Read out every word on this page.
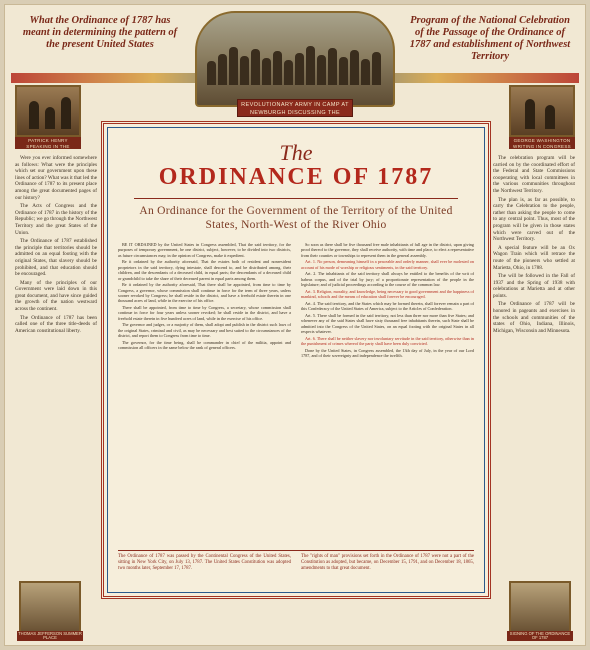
What the Ordinance of 1787 has meant in determining the pattern of the present United States
Program of the National Celebration of the Passage of the Ordinance of 1787 and establishment of Northwest Territory
REVOLUTIONARY ARMY IN CAMP AT NEWBURGH DISCUSSING THE
PATRICK HENRY SPEAKING IN THE VIRGINIA HOUSE
GEORGE WASHINGTON WRITING IN CONGRESS

Were you ever informed somewhere as follows: What were the principles which set our government upon these lines of action? What was it that led the Ordinance of 1787 to its present place among the great documented pages of our history?

The Acts of Congress and the Ordinance of 1787 in the history of the Republic; we go through the Northwest Territory and the great States of the Union.

The Ordinance of 1787 established the principle that territories should be admitted on an equal footing with the original States, that slavery should be prohibited, and that education should be encouraged.

Many of the principles of our Government were laid down in this great document, and have since guided the growth of the nation westward across the continent.

The Ordinance of 1787 has been called one of the three title-deeds of American constitutional liberty.

The celebration program will be carried on by the coordinated effort of the Federal and State Commissions cooperating with local committees in the various communities throughout the Northwest Territory.

The plan is, as far as possible, to carry the Celebration to the people, rather than asking the people to come to any central point. Thus, most of the program will be given in those states which were carved out of the Northwest Territory.

A special feature will be an Ox Wagon Train which will retrace the route of the pioneers who settled at Marietta, Ohio, in 1788.

The will be followed in the Fall of 1937 and the Spring of 1938 with celebrations at Marietta and at other points.

The Ordinance of 1787 will be honored in pageants and exercises in the schools and communities of the states of Ohio, Indiana, Illinois, Michigan, Wisconsin and Minnesota.

THOMAS JEFFERSON SUMMER PLACE
SIGNING OF THE ORDINANCE OF 1787
The
ORDINANCE OF 1787
An Ordinance for the Government of the Territory of the United States, North-West of the River Ohio

BE IT ORDAINED by the United States in Congress assembled, That the said territory, for the purposes of temporary government, be one district, subject, however, to be divided into two districts, as future circumstances may, in the opinion of Congress, make it expedient.

Be it ordained by the authority aforesaid, That the estates both of resident and nonresident proprietors in the said territory, dying intestate, shall descend to, and be distributed among, their children, and the descendants of a deceased child, in equal parts; the descendants of a deceased child or grandchild to take the share of their deceased parent in equal parts among them.

Be it ordained by the authority aforesaid, That there shall be appointed, from time to time by Congress, a governor, whose commission shall continue in force for the term of three years, unless sooner revoked by Congress; he shall reside in the district, and have a freehold estate therein in one thousand acres of land, while in the exercise of his office.

There shall be appointed, from time to time by Congress, a secretary, whose commission shall continue in force for four years unless sooner revoked; he shall reside in the district, and have a freehold estate therein in five hundred acres of land, while in the exercise of his office.

The governor and judges, or a majority of them, shall adopt and publish in the district such laws of the original States, criminal and civil, as may be necessary and best suited to the circumstances of the district, and report them to Congress from time to time.

The governor, for the time being, shall be commander in chief of the militia, appoint and commission all officers in the same below the rank of general officers.

So soon as there shall be five thousand free male inhabitants of full age in the district, upon giving proof thereof to the governor, they shall receive authority, with time and place, to elect a representative from their counties or townships to represent them in the general assembly.

Art. 1. No person, demeaning himself in a peaceable and orderly manner, shall ever be molested on account of his mode of worship or religious sentiments, in the said territory.

Art. 2. The inhabitants of the said territory shall always be entitled to the benefits of the writ of habeas corpus, and of the trial by jury; of a proportionate representation of the people in the legislature; and of judicial proceedings according to the course of the common law.

Art. 3. Religion, morality, and knowledge, being necessary to good government and the happiness of mankind, schools and the means of education shall forever be encouraged.

Art. 4. The said territory, and the States which may be formed therein, shall forever remain a part of this Confederacy of the United States of America, subject to the Articles of Confederation.

Art. 5. There shall be formed in the said territory, not less than three nor more than five States; and whenever any of the said States shall have sixty thousand free inhabitants therein, such State shall be admitted into the Congress of the United States, on an equal footing with the original States in all respects whatever.

Art. 6. There shall be neither slavery nor involuntary servitude in the said territory, otherwise than in the punishment of crimes whereof the party shall have been duly convicted.

Done by the United States, in Congress assembled, the 13th day of July, in the year of our Lord 1787, and of their sovereignty and independence the twelfth.

The Ordinance of 1787 was passed by the Continental Congress of the United States, sitting in New York City, on July 13, 1787. The United States Constitution was adopted two months later, September 17, 1787.
The "rights of man" provisions set forth in the Ordinance of 1787 were not a part of the Constitution as adopted, but became, on December 15, 1791, and on December 18, 1865, amendments to that great document.
